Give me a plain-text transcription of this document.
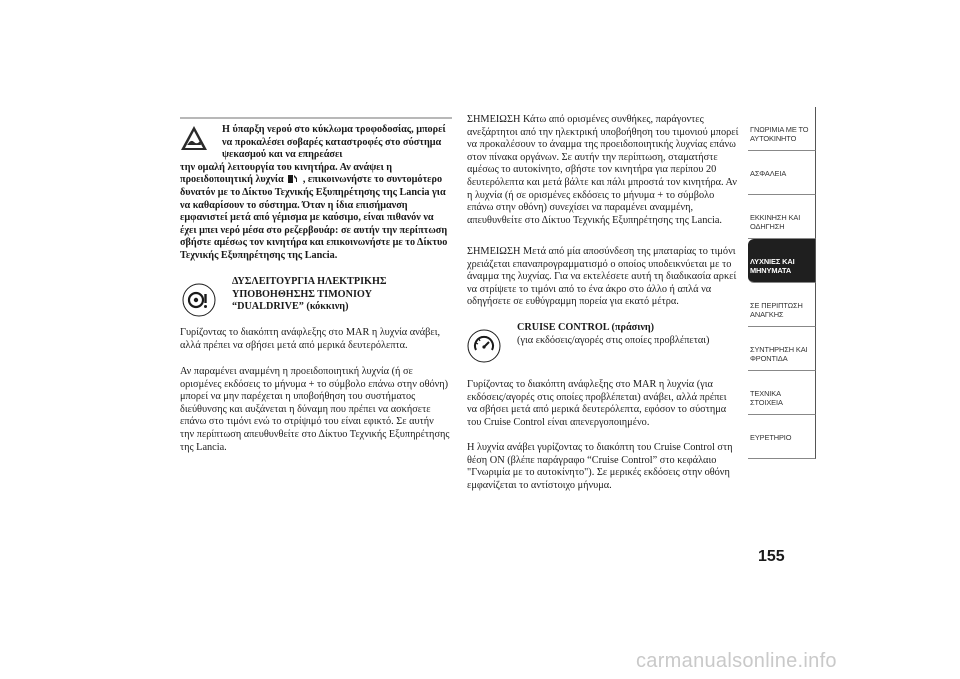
Η ύπαρξη νερού στο κύκλωμα τροφοδοσίας, μπορεί να προκαλέσει σοβαρές καταστροφές στο σύστημα ψεκασμού και να επηρεάσει
την ομαλή λειτουργία του κινητήρα. Αν ανάψει η προειδοποιητική λυχνία , επικοινωνήστε το συντομότερο δυνατόν με το Δίκτυο Τεχνικής Εξυπηρέτησης της Lancia για να καθαρίσουν το σύστημα. Όταν η ίδια επισήμανση εμφανιστεί μετά από γέμισμα με καύσιμο, είναι πιθανόν να έχει μπει νερό μέσα στο ρεζερβουάρ: σε αυτήν την περίπτωση σβήστε αμέσως τον κινητήρα και επικοινωνήστε με το Δίκτυο Τεχνικής Εξυπηρέτησης της Lancia.
ΔΥΣΛΕΙΤΟΥΡΓΙΑ ΗΛΕΚΤΡΙΚΗΣ ΥΠΟΒΟΗΘΗΣΗΣ ΤΙΜΟΝΙΟΥ “DUALDRIVE” (κόκκινη)

Γυρίζοντας το διακόπτη ανάφλεξης στο MAR η λυχνία ανάβει, αλλά πρέπει να σβήσει μετά από μερικά δευτερόλεπτα.

Αν παραμένει αναμμένη η προειδοποιητική λυχνία (ή σε ορισμένες εκδόσεις το μήνυμα + το σύμβολο επάνω στην οθόνη) μπορεί να μην παρέχεται η υποβοήθηση του συστήματος διεύθυνσης και αυξάνεται η δύναμη που πρέπει να ασκήσετε επάνω στο τιμόνι ενώ το στρίψιμό του είναι εφικτό. Σε αυτήν την περίπτωση απευθυνθείτε στο Δίκτυο Τεχνικής Εξυπηρέτησης της Lancia.

ΣΗΜΕΙΩΣΗ Κάτω από ορισμένες συνθήκες, παράγοντες ανεξάρτητοι από την ηλεκτρική υποβοήθηση του τιμονιού μπορεί να προκαλέσουν το άναμμα της προειδοποιητικής λυχνίας επάνω στον πίνακα οργάνων. Σε αυτήν την περίπτωση, σταματήστε αμέσως το αυτοκίνητο, σβήστε τον κινητήρα για περίπου 20 δευτερόλεπτα και μετά βάλτε και πάλι μπροστά τον κινητήρα. Αν η λυχνία (ή σε ορισμένες εκδόσεις το μήνυμα + το σύμβολο επάνω στην οθόνη) συνεχίσει να παραμένει αναμμένη, απευθυνθείτε στο Δίκτυο Τεχνικής Εξυπηρέτησης της Lancia.

ΣΗΜΕΙΩΣΗ Μετά από μία αποσύνδεση της μπαταρίας το τιμόνι χρειάζεται επαναπρογραμματισμό ο οποίος υποδεικνύεται με το άναμμα της λυχνίας. Για να εκτελέσετε αυτή τη διαδικασία αρκεί να στρίψετε το τιμόνι από το ένα άκρο στο άλλο ή απλά να οδηγήσετε σε ευθύγραμμη πορεία για εκατό μέτρα.

CRUISE CONTROL (πράσινη)
(για εκδόσεις/αγορές στις οποίες προβλέπεται)

Γυρίζοντας το διακόπτη ανάφλεξης στο MAR η λυχνία (για εκδόσεις/αγορές στις οποίες προβλέπεται) ανάβει, αλλά πρέπει να σβήσει μετά από μερικά δευτερόλεπτα, εφόσον το σύστημα του Cruise Control είναι απενεργοποιημένο.

Η λυχνία ανάβει γυρίζοντας το διακόπτη του Cruise Control στη θέση ON (βλέπε παράγραφο “Cruise Control” στο κεφάλαιο "Γνωριμία με το αυτοκίνητο"). Σε μερικές εκδόσεις στην οθόνη εμφανίζεται το αντίστοιχο μήνυμα.

ΓΝΩΡΙΜΙΑ ΜΕ ΤΟ ΑΥΤΟΚΙΝΗΤΟ
ΑΣΦΑΛΕΙΑ
ΕΚΚΙΝΗΣΗ ΚΑΙ ΟΔΗΓΗΣΗ
ΛΥΧΝΙΕΣ ΚΑΙ ΜΗΝΥΜΑΤΑ
ΣΕ ΠΕΡΙΠΤΩΣΗ ΑΝΑΓΚΗΣ
ΣΥΝΤΗΡΗΣΗ ΚΑΙ ΦΡΟΝΤΙΔΑ
ΤΕΧΝΙΚΑ ΣΤΟΙΧΕΙΑ
ΕΥΡΕΤΗΡΙΟ
155
carmanualsonline.info
